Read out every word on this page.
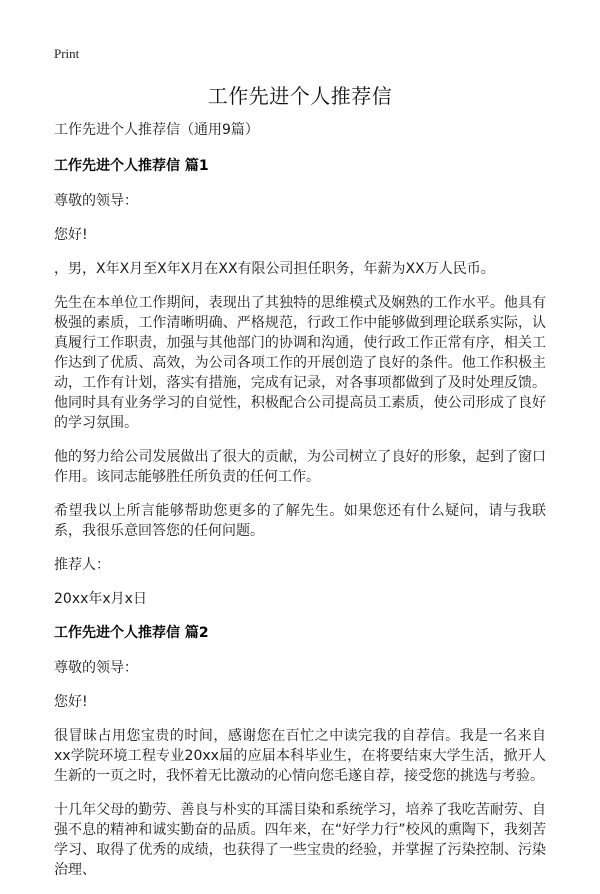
Print
工作先进个人推荐信
工作先进个人推荐信（通用9篇）
工作先进个人推荐信 篇1
尊敬的领导：
您好!
，男，X年X月至X年X月在XX有限公司担任职务，年薪为XX万人民币。
先生在本单位工作期间，表现出了其独特的思维模式及娴熟的工作水平。他具有极强的素质，工作清晰明确、严格规范，行政工作中能够做到理论联系实际，认真履行工作职责，加强与其他部门的协调和沟通，使行政工作正常有序，相关工作达到了优质、高效，为公司各项工作的开展创造了良好的条件。他工作积极主动，工作有计划，落实有措施，完成有记录，对各事项都做到了及时处理反馈。他同时具有业务学习的自觉性，积极配合公司提高员工素质，使公司形成了良好的学习氛围。
他的努力给公司发展做出了很大的贡献，为公司树立了良好的形象，起到了窗口作用。该同志能够胜任所负责的任何工作。
希望我以上所言能够帮助您更多的了解先生。如果您还有什么疑问，请与我联系，我很乐意回答您的任何问题。
推荐人：
20xx年x月x日
工作先进个人推荐信 篇2
尊敬的领导：
您好!
很冒昧占用您宝贵的时间，感谢您在百忙之中读完我的自荐信。我是一名来自xx学院环境工程专业20xx届的应届本科毕业生，在将要结束大学生活，掀开人生新的一页之时，我怀着无比激动的心情向您毛遂自荐，接受您的挑选与考验。
十几年父母的勤劳、善良与朴实的耳濡目染和系统学习，培养了我吃苦耐劳、自强不息的精神和诚实勤奋的品质。四年来，在“好学力行”校风的熏陶下，我刻苦学习、取得了优秀的成绩，也获得了一些宝贵的经验，并掌握了污染控制、污染治理、
